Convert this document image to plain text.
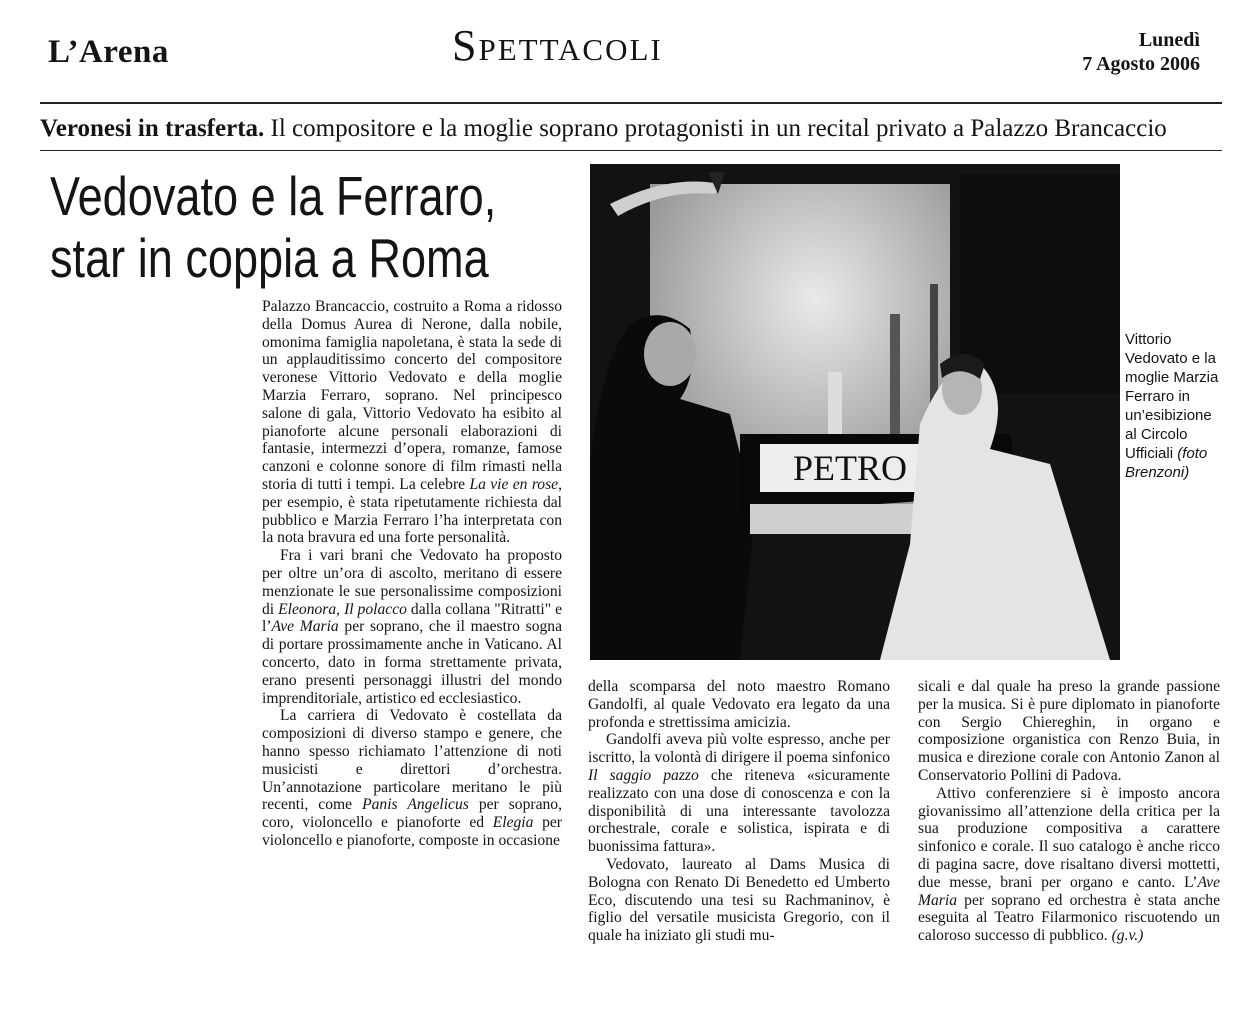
L’Arena	Spettacoli	Lunedì
7 Agosto 2006
Veronesi in trasferta. Il compositore e la moglie soprano protagonisti in un recital privato a Palazzo Brancaccio
Vedovato e la Ferraro,
star in coppia a Roma

Palazzo Brancaccio, costruito a Roma a ridosso della Domus Aurea di Nerone, dalla nobile, omonima famiglia napoletana, è stata la sede di un applauditissimo concerto del compositore veronese Vittorio Vedovato e della moglie Marzia Ferraro, soprano. Nel principesco salone di gala, Vittorio Vedovato ha esibito al pianoforte alcune personali elaborazioni di fantasie, intermezzi d’opera, romanze, famose canzoni e colonne sonore di film rimasti nella storia di tutti i tempi. La celebre La vie en rose, per esempio, è stata ripetutamente richiesta dal pubblico e Marzia Ferraro l’ha interpretata con la nota bravura ed una forte personalità.

Fra i vari brani che Vedovato ha proposto per oltre un’ora di ascolto, meritano di essere menzionate le sue personalissime composizioni di Eleonora, Il polacco dalla collana "Ritratti" e l’Ave Maria per soprano, che il maestro sogna di portare prossimamente anche in Vaticano. Al concerto, dato in forma strettamente privata, erano presenti personaggi illustri del mondo imprenditoriale, artistico ed ecclesiastico.

La carriera di Vedovato è costellata da composizioni di diverso stampo e genere, che hanno spesso richiamato l’attenzione di noti musicisti e direttori d’orchestra. Un’annotazione particolare meritano le più recenti, come Panis Angelicus per soprano, coro, violoncello e pianoforte ed Elegia per violoncello e pianoforte, composte in occasione

PETRO
Vittorio Vedovato e la moglie Marzia Ferraro in un’esibizione al Circolo Ufficiali (foto Brenzoni)

della scomparsa del noto maestro Romano Gandolfi, al quale Vedovato era legato da una profonda e strettissima amicizia.

Gandolfi aveva più volte espresso, anche per iscritto, la volontà di dirigere il poema sinfonico Il saggio pazzo che riteneva «sicuramente realizzato con una dose di conoscenza e con la disponibilità di una interessante tavolozza orchestrale, corale e solistica, ispirata e di buonissima fattura».

Vedovato, laureato al Dams Musica di Bologna con Renato Di Benedetto ed Umberto Eco, discutendo una tesi su Rachmaninov, è figlio del versatile musicista Gregorio, con il quale ha iniziato gli studi mu-

sicali e dal quale ha preso la grande passione per la musica. Si è pure diplomato in pianoforte con Sergio Chiereghin, in organo e composizione organistica con Renzo Buia, in musica e direzione corale con Antonio Zanon al Conservatorio Pollini di Padova.

Attivo conferenziere si è imposto ancora giovanissimo all’attenzione della critica per la sua produzione compositiva a carattere sinfonico e corale. Il suo catalogo è anche ricco di pagina sacre, dove risaltano diversi mottetti, due messe, brani per organo e canto. L’Ave Maria per soprano ed orchestra è stata anche eseguita al Teatro Filarmonico riscuotendo un caloroso successo di pubblico. (g.v.)
